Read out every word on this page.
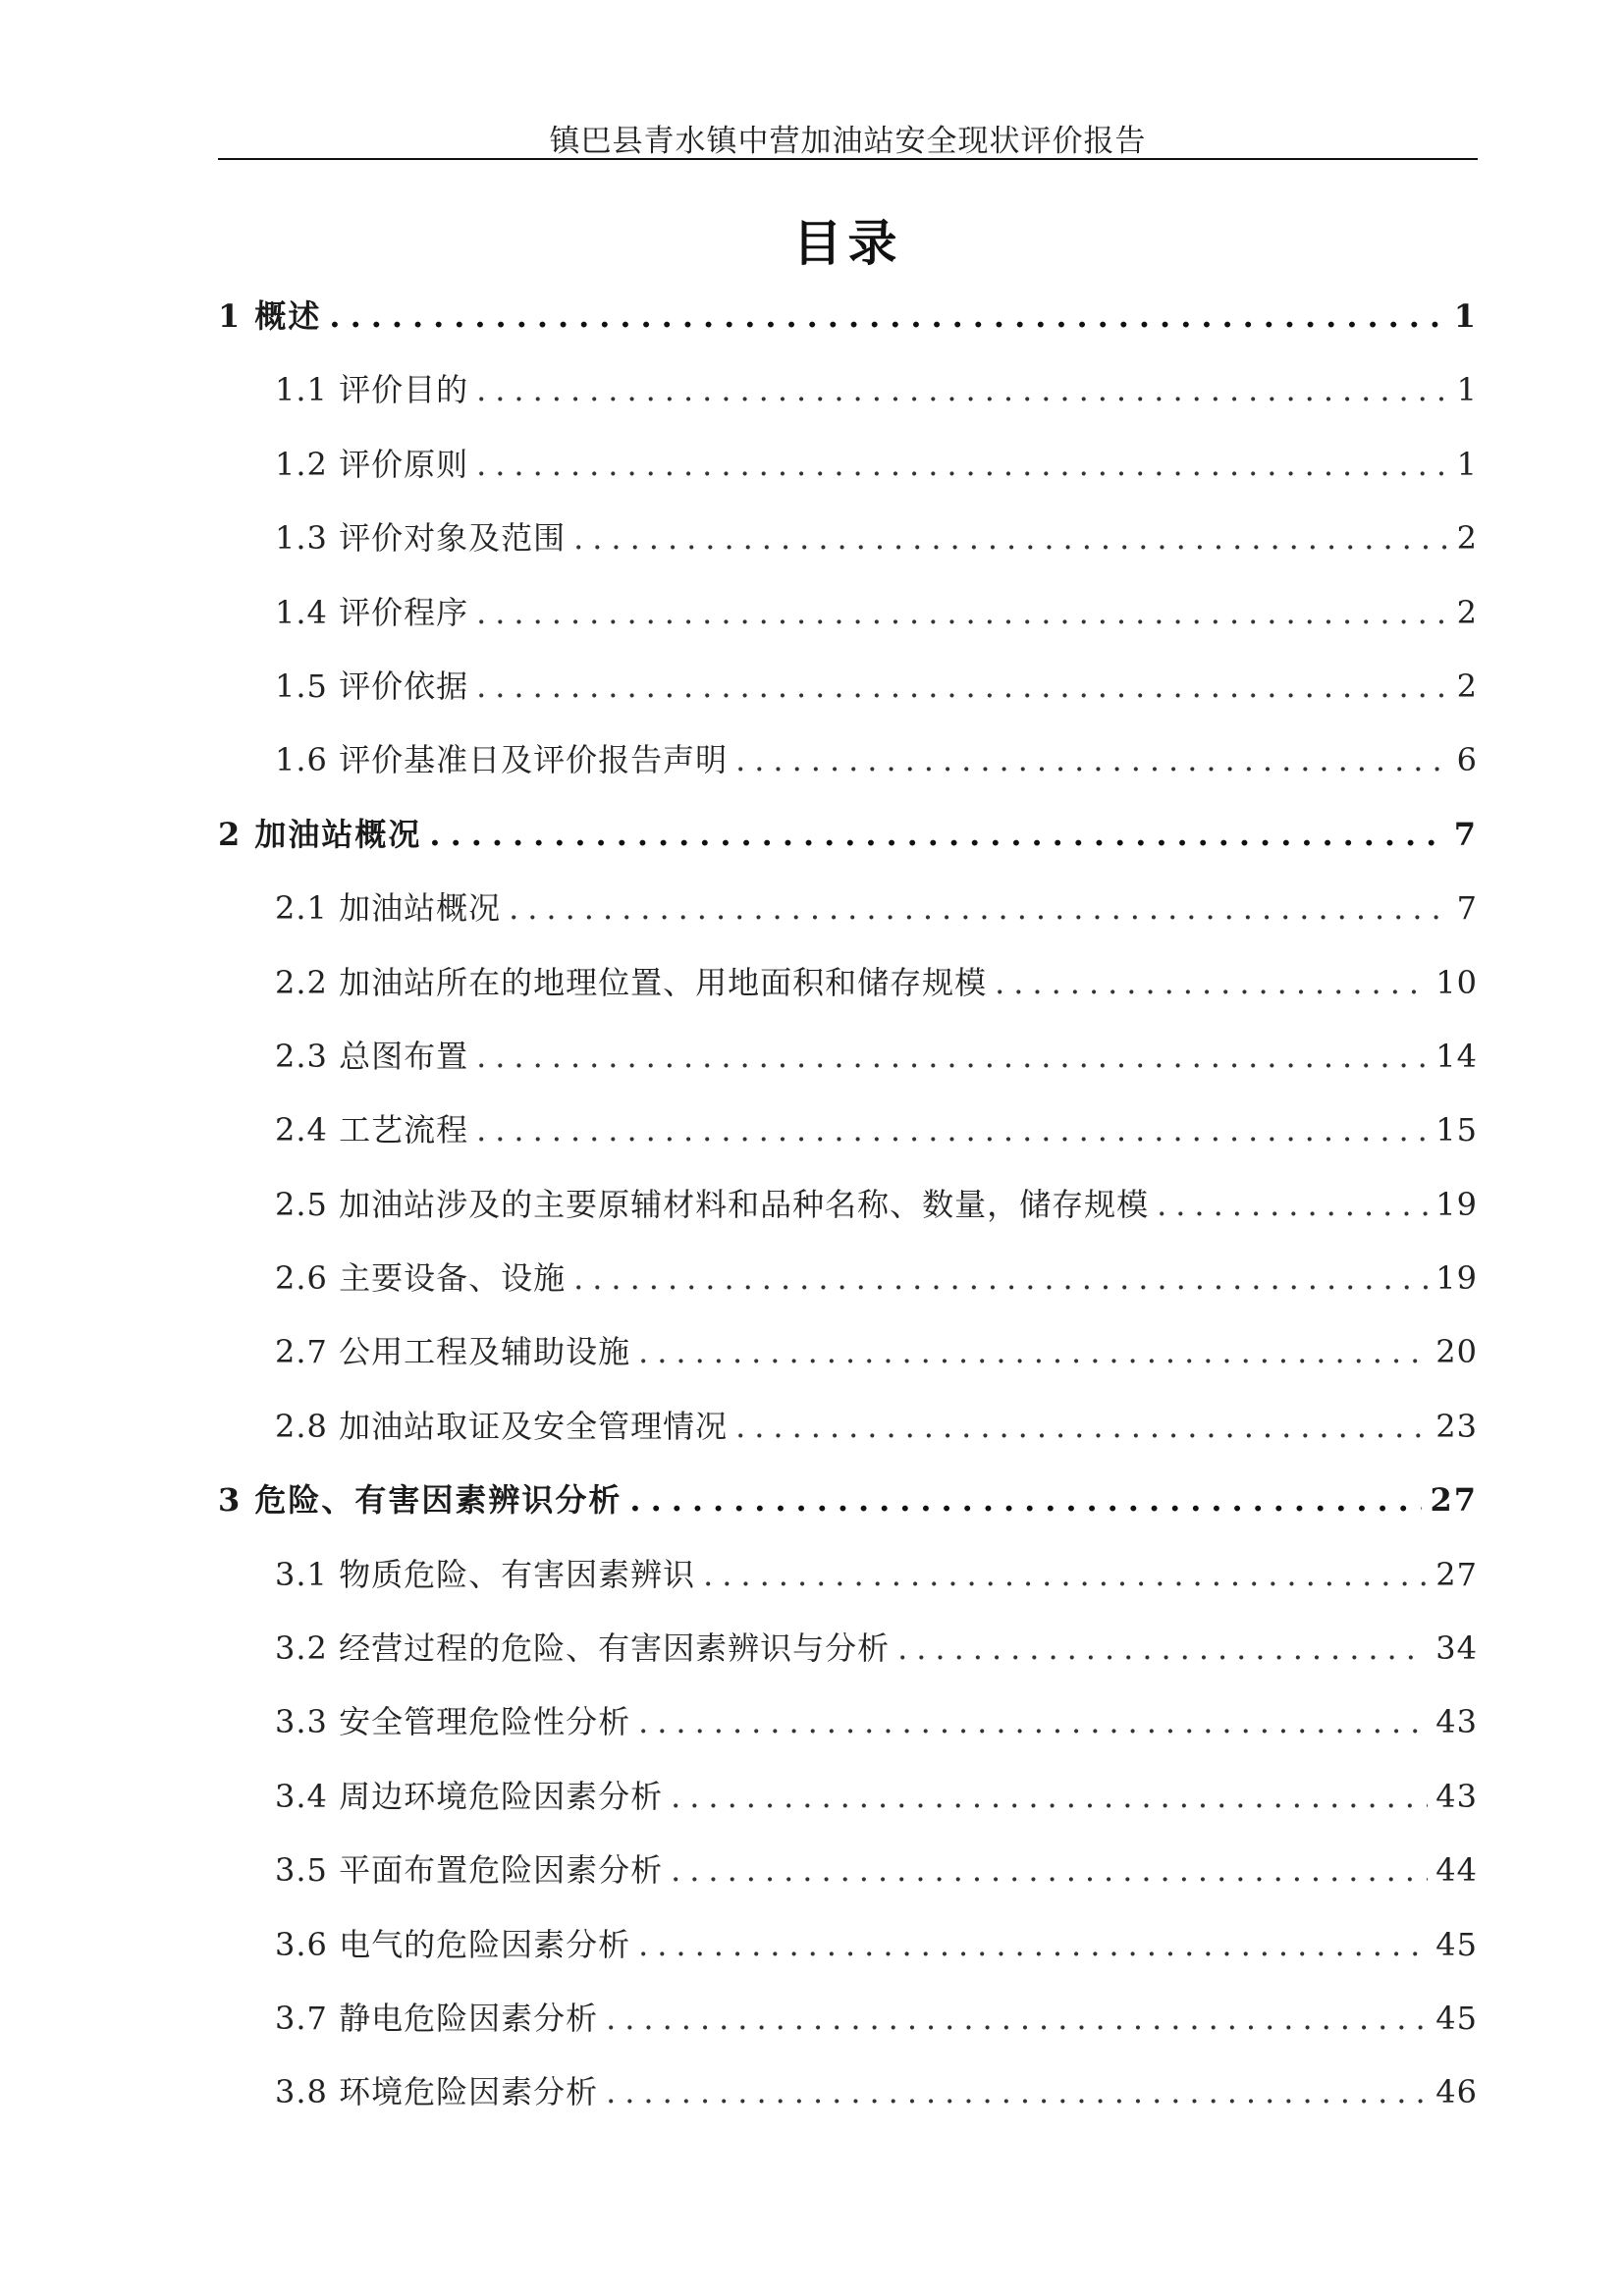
镇巴县青水镇中营加油站安全现状评价报告
目录
1 概述 .....	1
1.1 评价目的 .....	1
1.2 评价原则 .....	1
1.3 评价对象及范围 .....	2
1.4 评价程序 .....	2
1.5 评价依据 .....	2
1.6 评价基准日及评价报告声明 .....	6
2 加油站概况 .....	7
2.1 加油站概况 .....	7
2.2 加油站所在的地理位置、用地面积和储存规模 .....	10
2.3 总图布置 .....	14
2.4 工艺流程 .....	15
2.5 加油站涉及的主要原辅材料和品种名称、数量，储存规模 .....	19
2.6 主要设备、设施 .....	19
2.7 公用工程及辅助设施 .....	20
2.8 加油站取证及安全管理情况 .....	23
3 危险、有害因素辨识分析 .....	27
3.1 物质危险、有害因素辨识 .....	27
3.2 经营过程的危险、有害因素辨识与分析 .....	34
3.3 安全管理危险性分析 .....	43
3.4 周边环境危险因素分析 .....	43
3.5 平面布置危险因素分析 .....	44
3.6 电气的危险因素分析 .....	45
3.7 静电危险因素分析 .....	45
3.8 环境危险因素分析 .....	46
